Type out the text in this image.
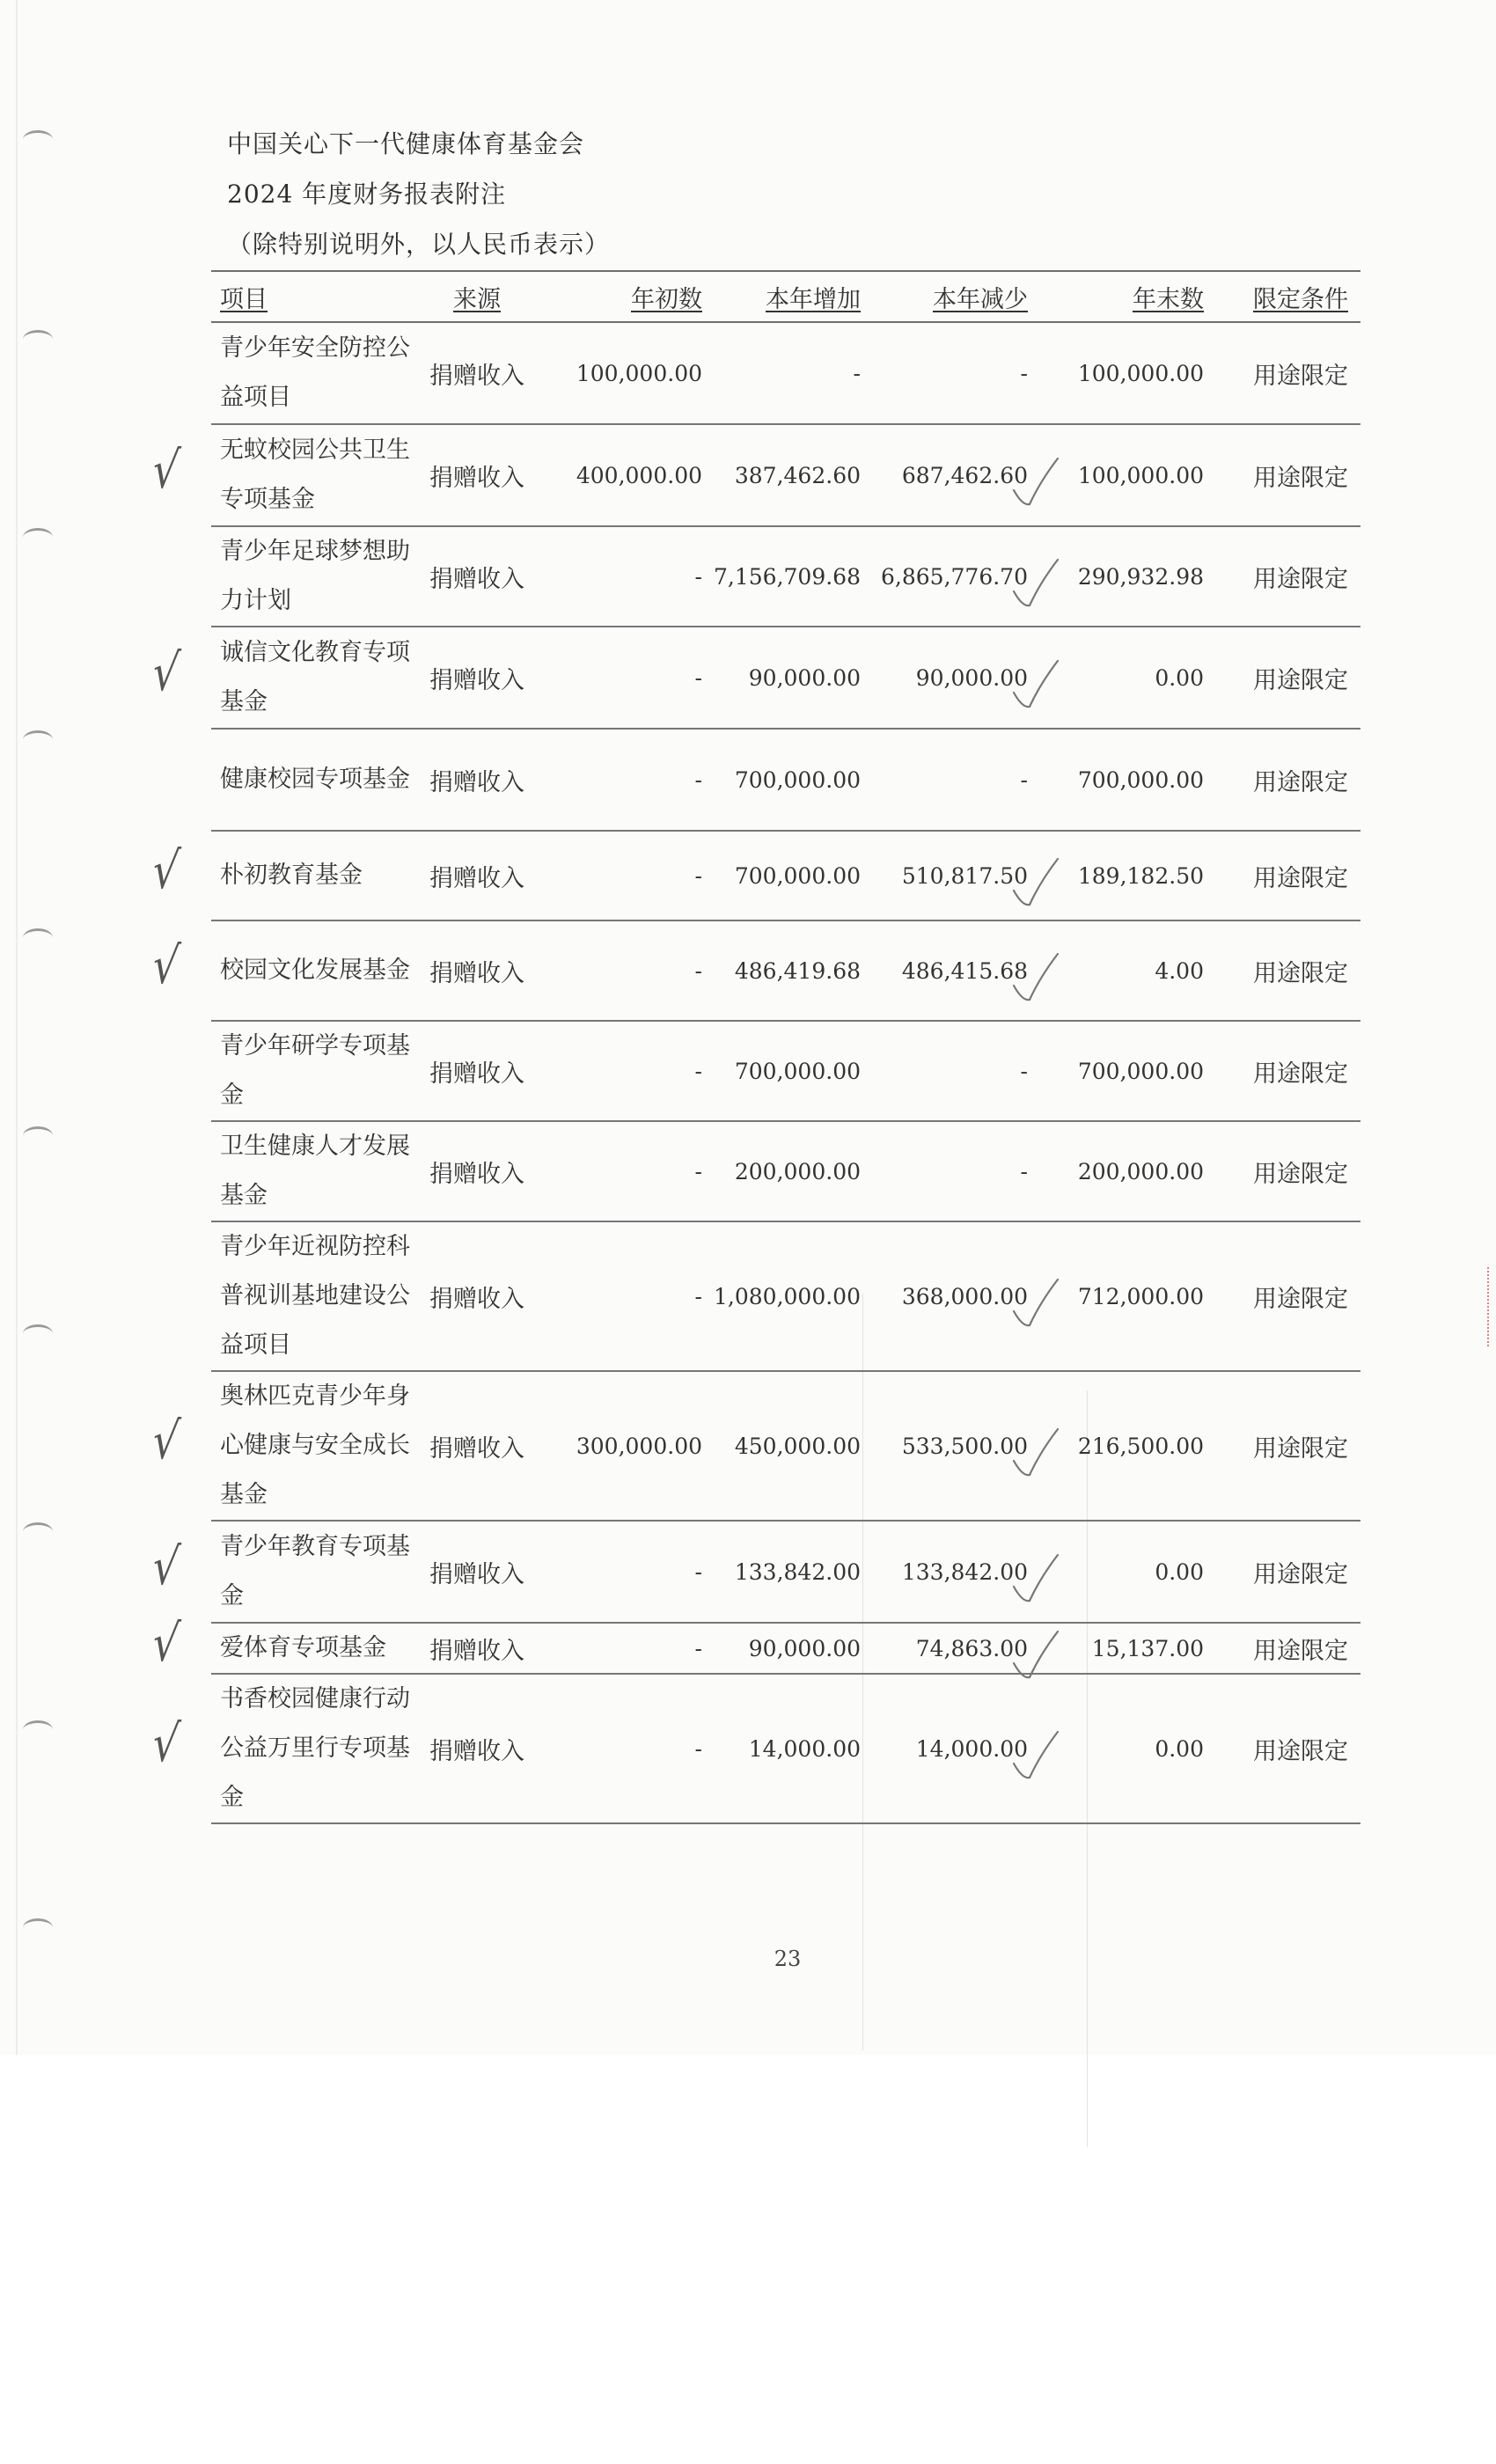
中国关心下一代健康体育基金会
2024 年度财务报表附注
（除特别说明外，以人民币表示）
项目	来源	年初数	本年增加	本年减少	年末数	限定条件
青少年安全防控公益项目	捐赠收入	100,000.00	-	-	100,000.00	用途限定
无蚊校园公共卫生专项基金	捐赠收入	400,000.00	387,462.60	687,462.60	100,000.00	用途限定
青少年足球梦想助力计划	捐赠收入	-	7,156,709.68	6,865,776.70	290,932.98	用途限定
诚信文化教育专项基金	捐赠收入	-	90,000.00	90,000.00	0.00	用途限定
健康校园专项基金	捐赠收入	-	700,000.00	-	700,000.00	用途限定
朴初教育基金	捐赠收入	-	700,000.00	510,817.50	189,182.50	用途限定
校园文化发展基金	捐赠收入	-	486,419.68	486,415.68	4.00	用途限定
青少年研学专项基金	捐赠收入	-	700,000.00	-	700,000.00	用途限定
卫生健康人才发展基金	捐赠收入	-	200,000.00	-	200,000.00	用途限定
青少年近视防控科普视训基地建设公益项目	捐赠收入	-	1,080,000.00	368,000.00	712,000.00	用途限定
奥林匹克青少年身心健康与安全成长基金	捐赠收入	300,000.00	450,000.00	533,500.00	216,500.00	用途限定
青少年教育专项基金	捐赠收入	-	133,842.00	133,842.00	0.00	用途限定
爱体育专项基金	捐赠收入	-	90,000.00	74,863.00	15,137.00	用途限定
书香校园健康行动公益万里行专项基金	捐赠收入	-	14,000.00	14,000.00	0.00	用途限定
√
√
√
√
√
√
√
√
23
